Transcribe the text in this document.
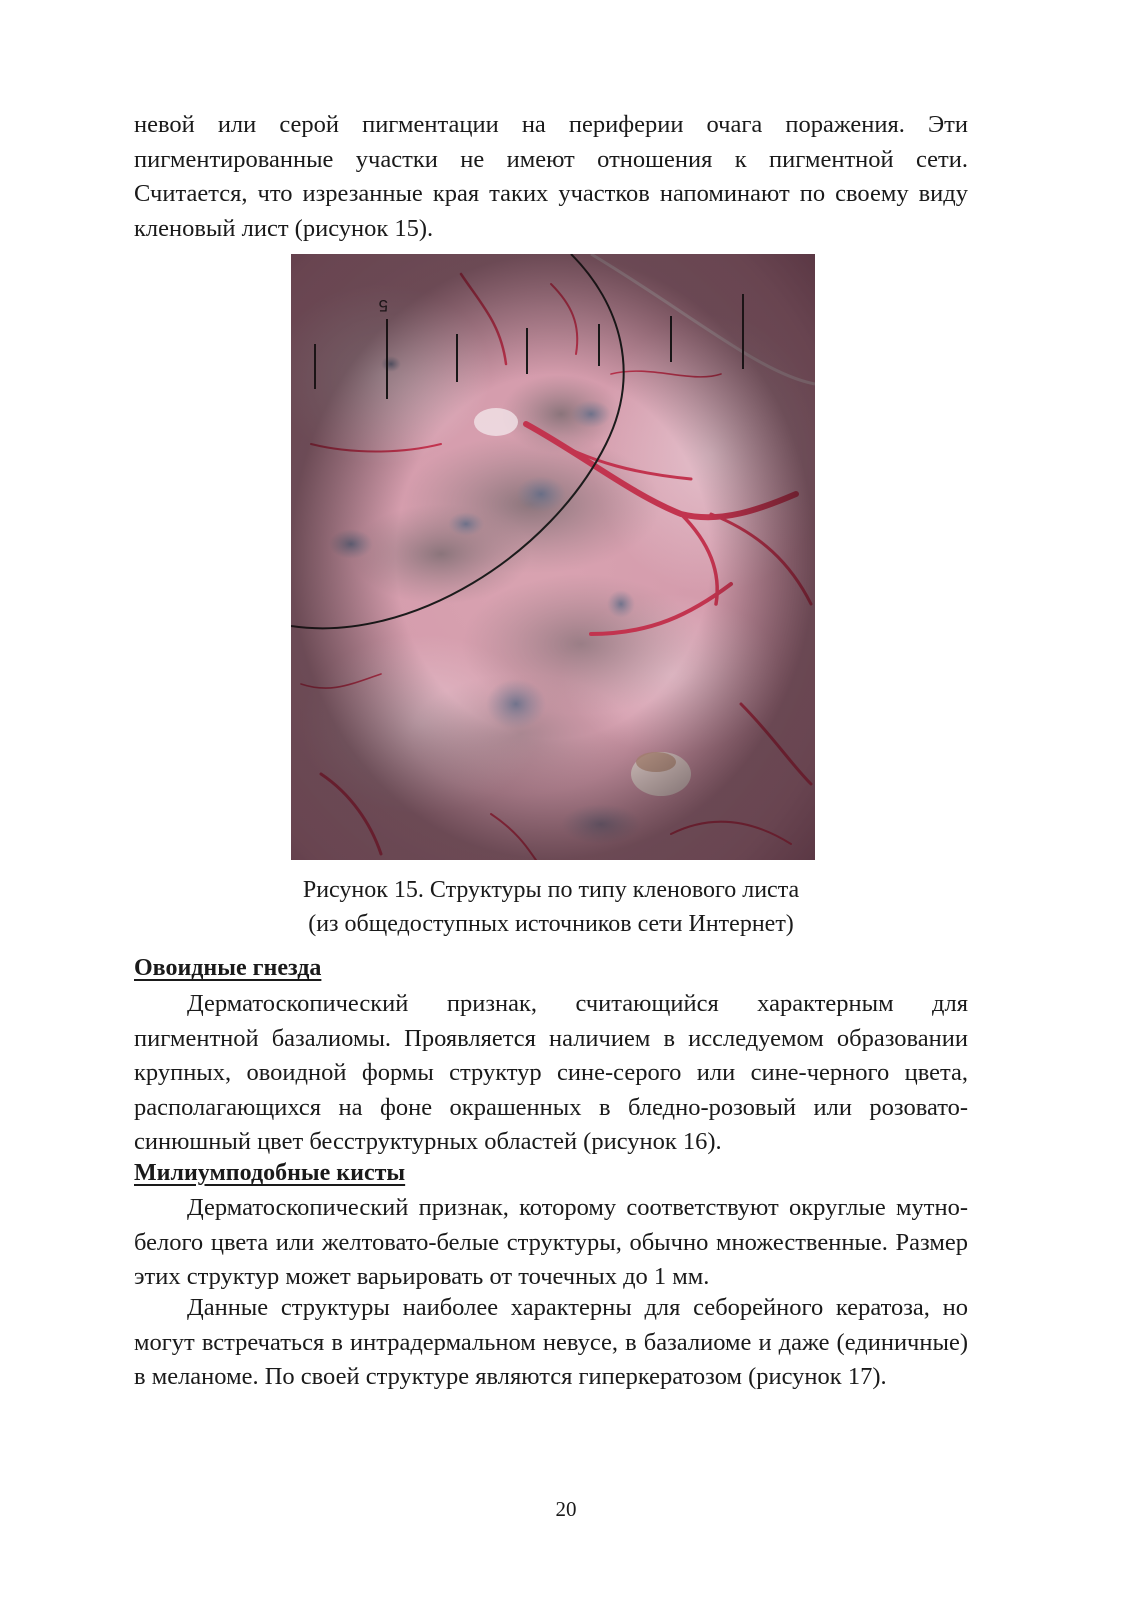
невой или серой пигментации на периферии очага поражения. Эти пигментированные участки не имеют отношения к пигментной сети. Считается, что изрезанные края таких участков напоминают по своему виду кленовый лист (рисунок 15).

Рисунок 15. Структуры по типу кленового листа
(из общедоступных источников сети Интернет)

Овоидные гнезда

Дерматоскопический признак, считающийся характерным для пигментной базалиомы. Проявляется наличием в исследуемом образовании крупных, овоидной формы структур сине-серого или сине-черного цвета, располагающихся на фоне окрашенных в бледно-розовый или розовато-синюшный цвет бесструктурных областей (рисунок 16).

Милиумподобные кисты

Дерматоскопический признак, которому соответствуют округлые мутно-белого цвета или желтовато-белые структуры, обычно множественные. Размер этих структур может варьировать от точечных до 1 мм.

Данные структуры наиболее характерны для себорейного кератоза, но могут встречаться в интрадермальном невусе, в базалиоме и даже (единичные) в меланоме. По своей структуре являются гиперкератозом (рисунок 17).

20
